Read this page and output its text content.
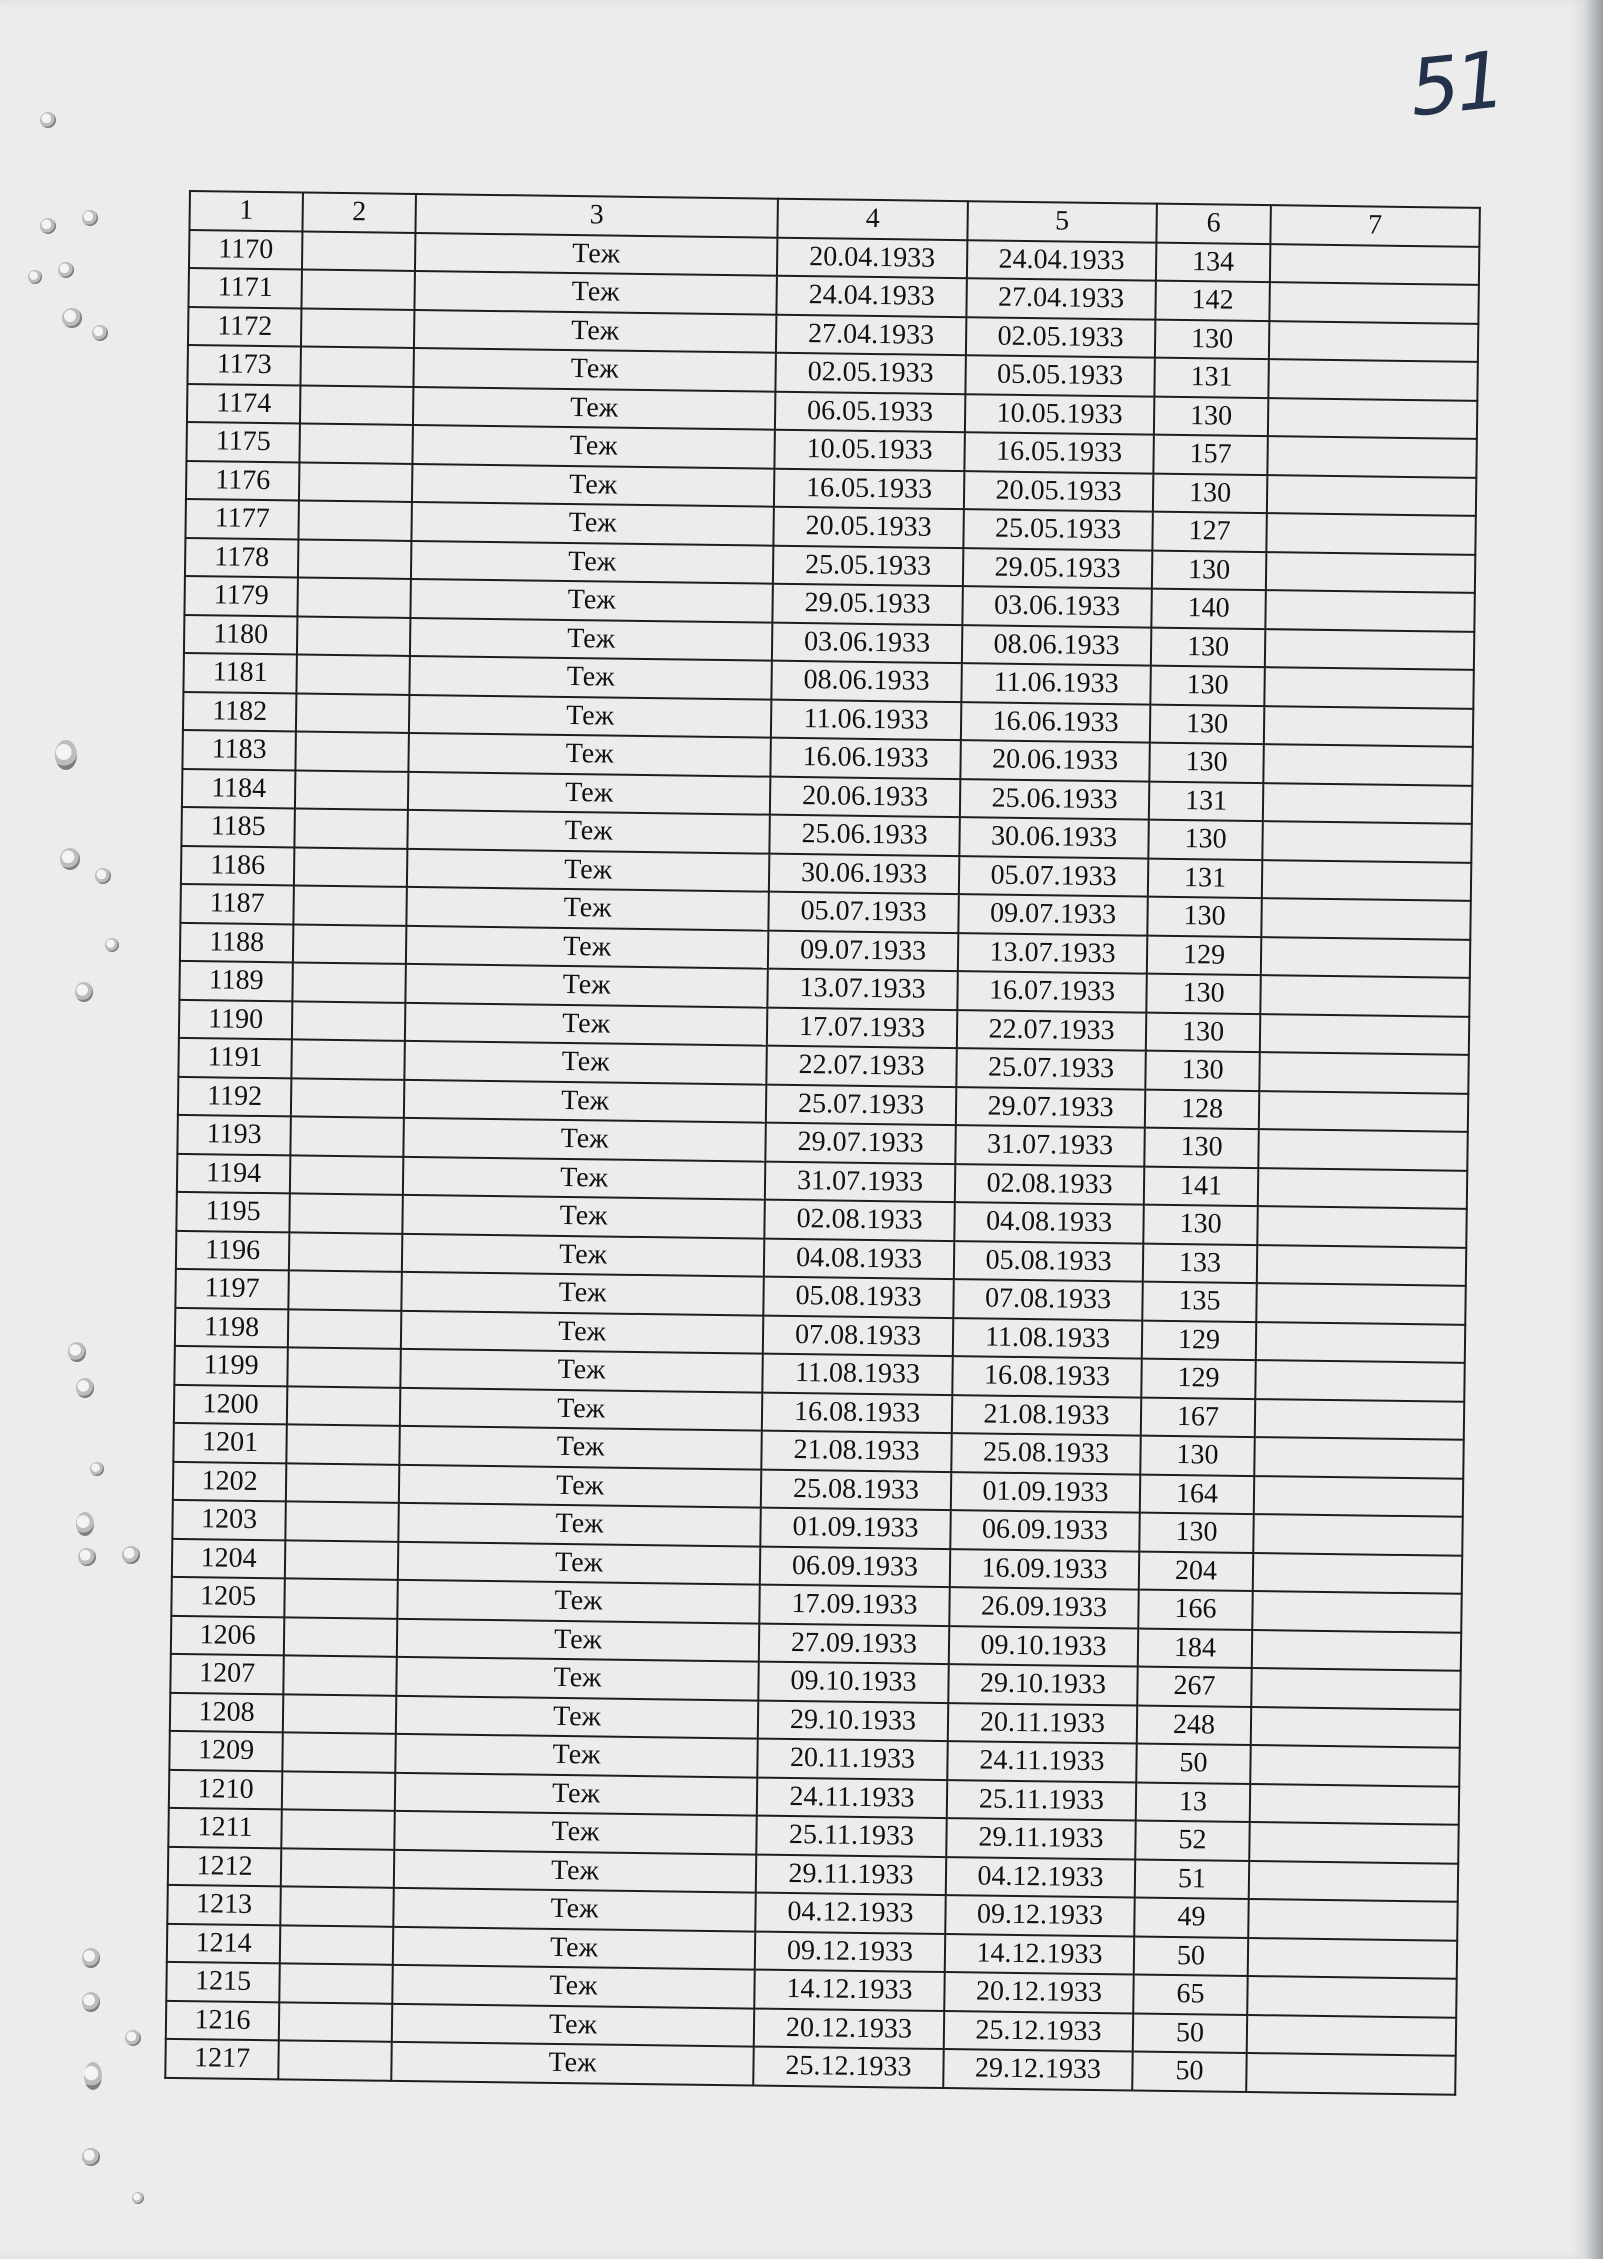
51
1	2	3	4	5	6	7
1170		Теж	20.04.1933	24.04.1933	134	
1171		Теж	24.04.1933	27.04.1933	142	
1172		Теж	27.04.1933	02.05.1933	130	
1173		Теж	02.05.1933	05.05.1933	131	
1174		Теж	06.05.1933	10.05.1933	130	
1175		Теж	10.05.1933	16.05.1933	157	
1176		Теж	16.05.1933	20.05.1933	130	
1177		Теж	20.05.1933	25.05.1933	127	
1178		Теж	25.05.1933	29.05.1933	130	
1179		Теж	29.05.1933	03.06.1933	140	
1180		Теж	03.06.1933	08.06.1933	130	
1181		Теж	08.06.1933	11.06.1933	130	
1182		Теж	11.06.1933	16.06.1933	130	
1183		Теж	16.06.1933	20.06.1933	130	
1184		Теж	20.06.1933	25.06.1933	131	
1185		Теж	25.06.1933	30.06.1933	130	
1186		Теж	30.06.1933	05.07.1933	131	
1187		Теж	05.07.1933	09.07.1933	130	
1188		Теж	09.07.1933	13.07.1933	129	
1189		Теж	13.07.1933	16.07.1933	130	
1190		Теж	17.07.1933	22.07.1933	130	
1191		Теж	22.07.1933	25.07.1933	130	
1192		Теж	25.07.1933	29.07.1933	128	
1193		Теж	29.07.1933	31.07.1933	130	
1194		Теж	31.07.1933	02.08.1933	141	
1195		Теж	02.08.1933	04.08.1933	130	
1196		Теж	04.08.1933	05.08.1933	133	
1197		Теж	05.08.1933	07.08.1933	135	
1198		Теж	07.08.1933	11.08.1933	129	
1199		Теж	11.08.1933	16.08.1933	129	
1200		Теж	16.08.1933	21.08.1933	167	
1201		Теж	21.08.1933	25.08.1933	130	
1202		Теж	25.08.1933	01.09.1933	164	
1203		Теж	01.09.1933	06.09.1933	130	
1204		Теж	06.09.1933	16.09.1933	204	
1205		Теж	17.09.1933	26.09.1933	166	
1206		Теж	27.09.1933	09.10.1933	184	
1207		Теж	09.10.1933	29.10.1933	267	
1208		Теж	29.10.1933	20.11.1933	248	
1209		Теж	20.11.1933	24.11.1933	50	
1210		Теж	24.11.1933	25.11.1933	13	
1211		Теж	25.11.1933	29.11.1933	52	
1212		Теж	29.11.1933	04.12.1933	51	
1213		Теж	04.12.1933	09.12.1933	49	
1214		Теж	09.12.1933	14.12.1933	50	
1215		Теж	14.12.1933	20.12.1933	65	
1216		Теж	20.12.1933	25.12.1933	50	
1217		Теж	25.12.1933	29.12.1933	50	
